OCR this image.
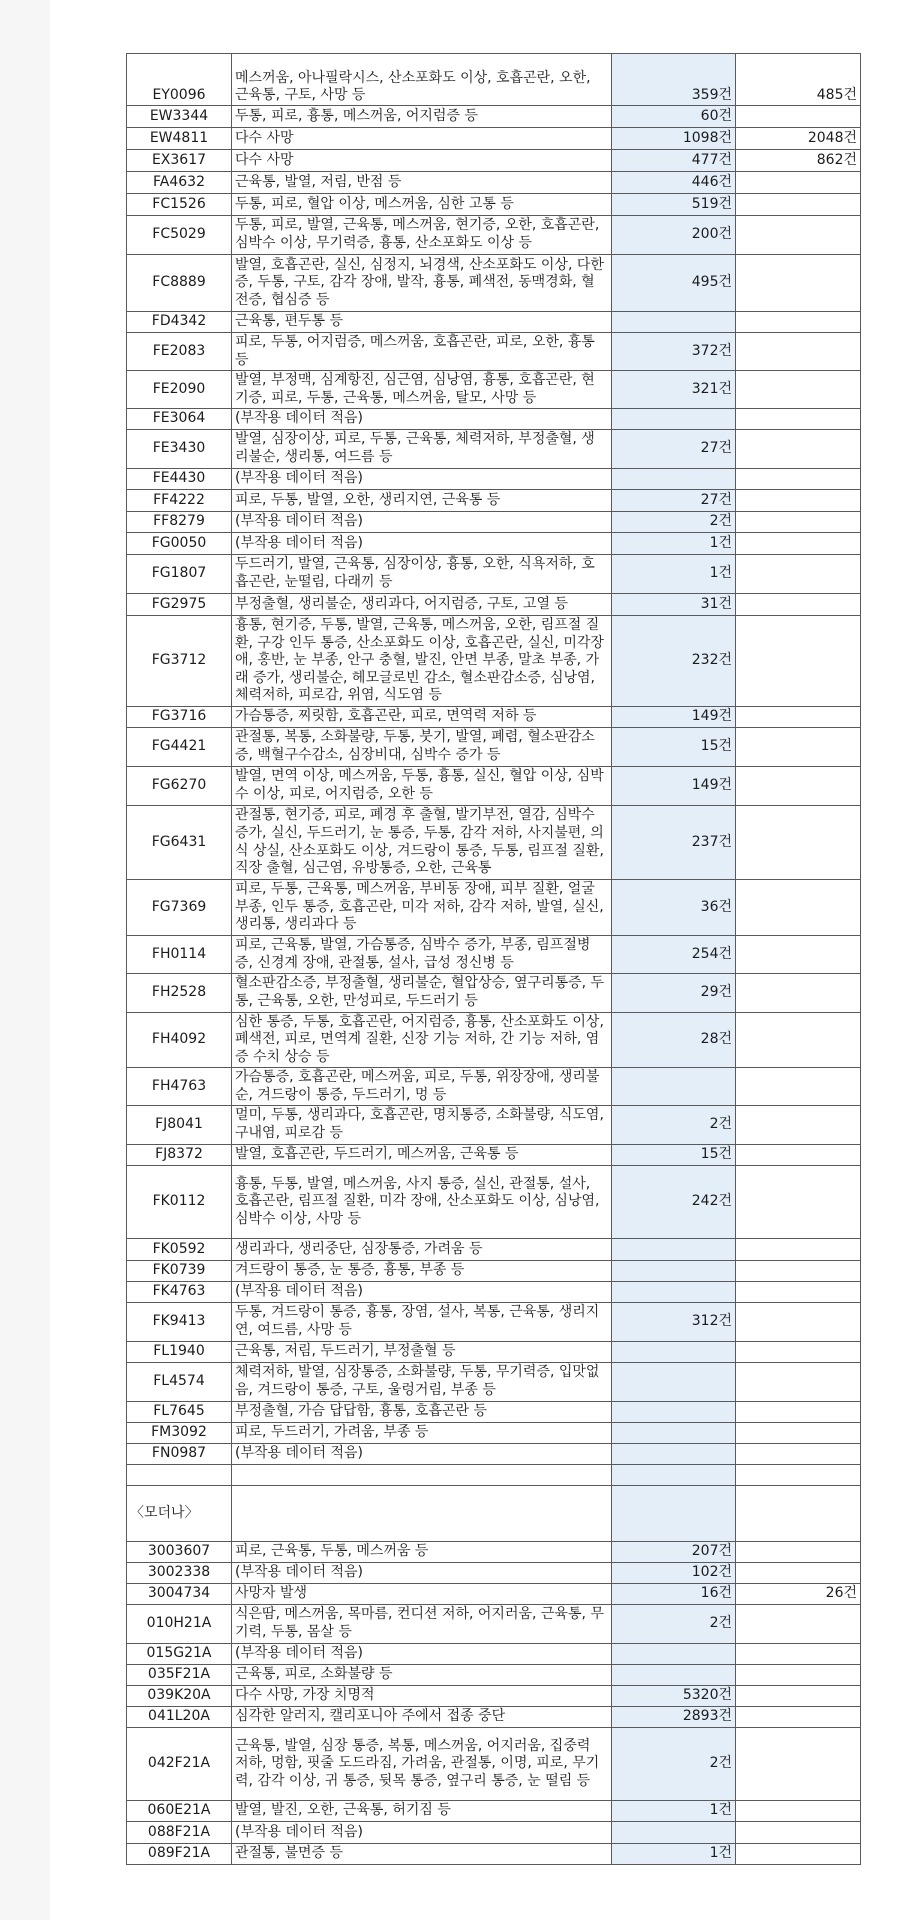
EY0096	메스꺼움, 아나필락시스, 산소포화도 이상, 호흡곤란, 오한, 근육통, 구토, 사망 등	359건	485건
EW3344	두통, 피로, 흉통, 메스꺼움, 어지럼증 등	60건	
EW4811	다수 사망	1098건	2048건
EX3617	다수 사망	477건	862건
FA4632	근육통, 발열, 저림, 반점 등	446건	
FC1526	두통, 피로, 혈압 이상, 메스꺼움, 심한 고통 등	519건	
FC5029	두통, 피로, 발열, 근육통, 메스꺼움, 현기증, 오한, 호흡곤란, 심박수 이상, 무기력증, 흉통, 산소포화도 이상 등	200건	
FC8889	발열, 호흡곤란, 실신, 심정지, 뇌경색, 산소포화도 이상, 다한증, 두통, 구토, 감각 장애, 발작, 흉통, 폐색전, 동맥경화, 혈전증, 협심증 등	495건	
FD4342	근육통, 편두통 등		
FE2083	피로, 두통, 어지럼증, 메스꺼움, 호흡곤란, 피로, 오한, 흉통 등	372건	
FE2090	발열, 부정맥, 심계항진, 심근염, 심낭염, 흉통, 호흡곤란, 현기증, 피로, 두통, 근육통, 메스꺼움, 탈모, 사망 등	321건	
FE3064	(부작용 데이터 적음)		
FE3430	발열, 심장이상, 피로, 두통, 근육통, 체력저하, 부정출혈, 생리불순, 생리통, 여드름 등	27건	
FE4430	(부작용 데이터 적음)		
FF4222	피로, 두통, 발열, 오한, 생리지연, 근육통 등	27건	
FF8279	(부작용 데이터 적음)	2건	
FG0050	(부작용 데이터 적음)	1건	
FG1807	두드러기, 발열, 근육통, 심장이상, 흉통, 오한, 식욕저하, 호흡곤란, 눈떨림, 다래끼 등	1건	
FG2975	부정출혈, 생리불순, 생리과다, 어지럼증, 구토, 고열 등	31건	
FG3712	흉통, 현기증, 두통, 발열, 근육통, 메스꺼움, 오한, 림프절 질환, 구강 인두 통증, 산소포화도 이상, 호흡곤란, 실신, 미각장애, 홍반, 눈 부종, 안구 충혈, 발진, 안면 부종, 말초 부종, 가래 증가, 생리불순, 헤모글로빈 감소, 혈소판감소증, 심낭염, 체력저하, 피로감, 위염, 식도염 등	232건	
FG3716	가슴통증, 찌릿함, 호흡곤란, 피로, 면역력 저하 등	149건	
FG4421	관절통, 복통, 소화불량, 두통, 붓기, 발열, 폐렴, 혈소판감소증, 백혈구수감소, 심장비대, 심박수 증가 등	15건	
FG6270	발열, 면역 이상, 메스꺼움, 두통, 흉통, 실신, 혈압 이상, 심박수 이상, 피로, 어지럼증, 오한 등	149건	
FG6431	관절통, 현기증, 피로, 폐경 후 출혈, 발기부전, 열감, 심박수 증가, 실신, 두드러기, 눈 통증, 두통, 감각 저하, 사지불편, 의식 상실, 산소포화도 이상, 겨드랑이 통증, 두통, 림프절 질환, 직장 출혈, 심근염, 유방통증, 오한, 근육통	237건	
FG7369	피로, 두통, 근육통, 메스꺼움, 부비동 장애, 피부 질환, 얼굴 부종, 인두 통증, 호흡곤란, 미각 저하, 감각 저하, 발열, 실신, 생리통, 생리과다 등	36건	
FH0114	피로, 근육통, 발열, 가슴통증, 심박수 증가, 부종, 림프절병증, 신경계 장애, 관절통, 설사, 급성 정신병 등	254건	
FH2528	혈소판감소증, 부정출혈, 생리불순, 혈압상승, 옆구리통증, 두통, 근육통, 오한, 만성피로, 두드러기 등	29건	
FH4092	심한 통증, 두통, 호흡곤란, 어지럼증, 흉통, 산소포화도 이상, 폐색전, 피로, 면역계 질환, 신장 기능 저하, 간 기능 저하, 염증 수치 상승 등	28건	
FH4763	가슴통증, 호흡곤란, 메스꺼움, 피로, 두통, 위장장애, 생리불순, 겨드랑이 통증, 두드러기, 멍 등		
FJ8041	멀미, 두통, 생리과다, 호흡곤란, 명치통증, 소화불량, 식도염, 구내염, 피로감 등	2건	
FJ8372	발열, 호흡곤란, 두드러기, 메스꺼움, 근육통 등	15건	
FK0112	흉통, 두통, 발열, 메스꺼움, 사지 통증, 실신, 관절통, 설사, 호흡곤란, 림프절 질환, 미각 장애, 산소포화도 이상, 심낭염, 심박수 이상, 사망 등	242건	
FK0592	생리과다, 생리중단, 심장통증, 가려움 등		
FK0739	겨드랑이 통증, 눈 통증, 흉통, 부종 등		
FK4763	(부작용 데이터 적음)		
FK9413	두통, 겨드랑이 통증, 흉통, 장염, 설사, 복통, 근육통, 생리지연, 여드름, 사망 등	312건	
FL1940	근육통, 저림, 두드러기, 부정출혈 등		
FL4574	체력저하, 발열, 심장통증, 소화불량, 두통, 무기력증, 입맛없음, 겨드랑이 통증, 구토, 울렁거림, 부종 등		
FL7645	부정출혈, 가슴 답답함, 흉통, 호흡곤란 등		
FM3092	피로, 두드러기, 가려움, 부종 등		
FN0987	(부작용 데이터 적음)		

〈모더나〉			
3003607	피로, 근육통, 두통, 메스꺼움 등	207건	
3002338	(부작용 데이터 적음)	102건	
3004734	사망자 발생	16건	26건
010H21A	식은땀, 메스꺼움, 목마름, 컨디션 저하, 어지러움, 근육통, 무기력, 두통, 몸살 등	2건	
015G21A	(부작용 데이터 적음)		
035F21A	근육통, 피로, 소화불량 등		
039K20A	다수 사망, 가장 치명적	5320건	
041L20A	심각한 알러지, 캘리포니아 주에서 접종 중단	2893건	
042F21A	근육통, 발열, 심장 통증, 복통, 메스꺼움, 어지러움, 집중력 저하, 멍함, 핏줄 도드라짐, 가려움, 관절통, 이명, 피로, 무기력, 감각 이상, 귀 통증, 뒷목 통증, 옆구리 통증, 눈 떨림 등	2건	
060E21A	발열, 발진, 오한, 근육통, 허기짐 등	1건	
088F21A	(부작용 데이터 적음)		
089F21A	관절통, 불면증 등	1건	
